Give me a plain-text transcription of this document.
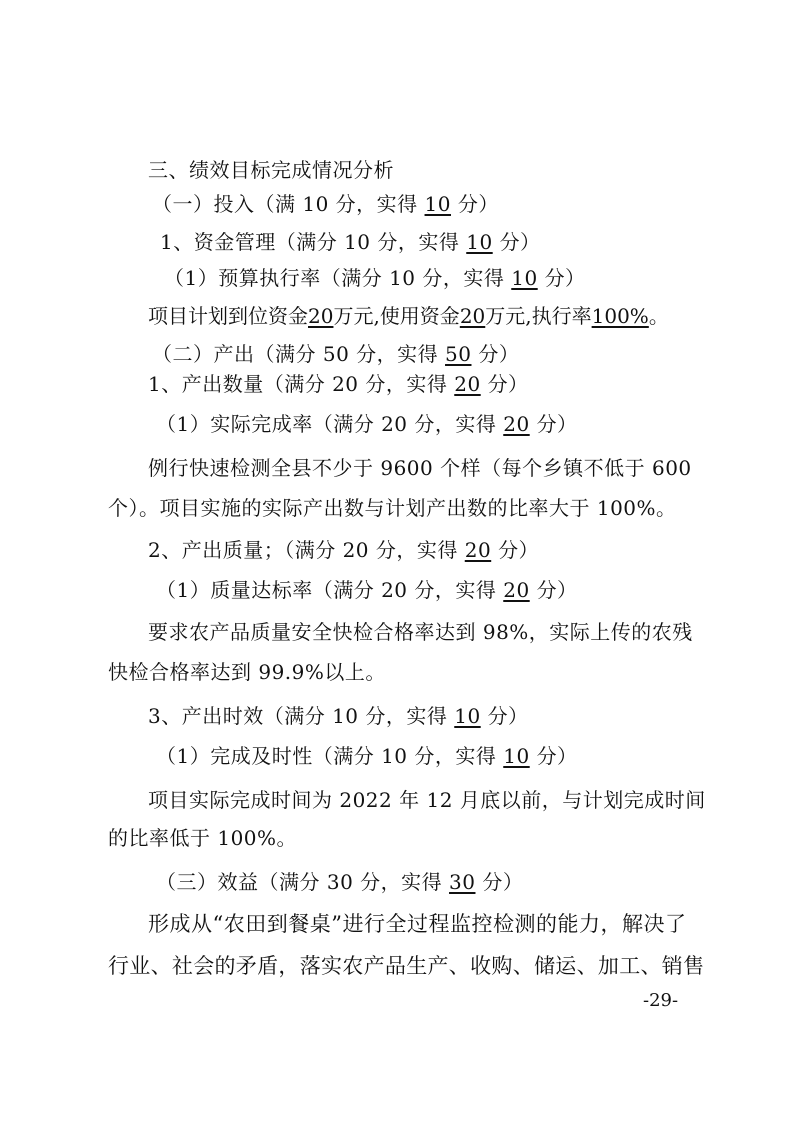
三、绩效目标完成情况分析
（一）投入（满 10 分，实得 10 分）
1、资金管理（满分 10 分，实得 10 分）
（1）预算执行率（满分 10 分，实得 10 分）
项目计划到位资金20万元,使用资金20万元,执行率100%。
（二）产出（满分 50 分，实得 50 分）
1、产出数量（满分 20 分，实得 20 分）
（1）实际完成率（满分 20 分，实得 20 分）
例行快速检测全县不少于 9600 个样（每个乡镇不低于 600
个）。项目实施的实际产出数与计划产出数的比率大于 100%。
2、产出质量；（满分 20 分，实得 20 分）
（1）质量达标率（满分 20 分，实得 20 分）
要求农产品质量安全快检合格率达到 98%，实际上传的农残
快检合格率达到 99.9%以上。
3、产出时效（满分 10 分，实得 10 分）
（1）完成及时性（满分 10 分，实得 10 分）
项目实际完成时间为 2022 年 12 月底以前，与计划完成时间
的比率低于 100%。
（三）效益（满分 30 分，实得 30 分）
形成从“农田到餐桌”进行全过程监控检测的能力，解决了
行业、社会的矛盾，落实农产品生产、收购、储运、加工、销售
-29-
